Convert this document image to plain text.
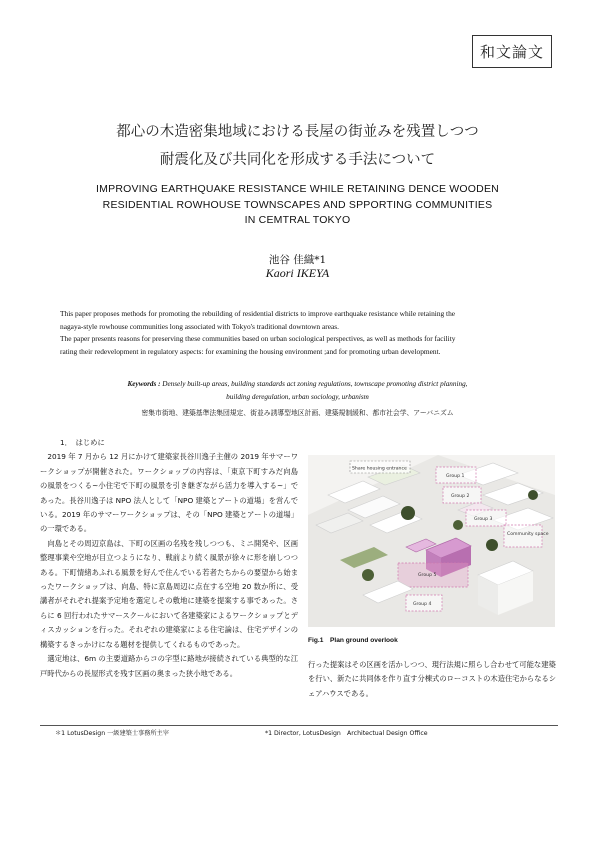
和文論文
都心の木造密集地域における長屋の街並みを残置しつつ
耐震化及び共同化を形成する手法について
IMPROVING EARTHQUAKE RESISTANCE WHILE RETAINING DENCE WOODEN
RESIDENTIAL ROWHOUSE TOWNSCAPES AND SPPORTING COMMUNITIES
IN CEMTRAL TOKYO
池谷 佳織*1
Kaori IKEYA

This paper proposes methods for promoting the rebuilding of residential districts to improve earthquake resistance while retaining the

nagaya-style rowhouse communities long associated with Tokyo's traditional downtown areas.

The paper presents reasons for preserving these communities based on urban sociological perspectives, as well as methods for facility

rating their redevelopment in regulatory aspects: for examining the housing environment ;and for promoting urban development.

Keywords : Densely built-up areas, building standards act zoning regulations, townscape promoting district planning,
building deregulation, urban sociology, urbanism
密集市街地、建築基準法集団規定、街並み誘導型地区計画、建築規制緩和、都市社会学、アーバニズム

1．　はじめに

　2019 年 7 月から 12 月にかけて建築家長谷川逸子主催の 2019 年サマーワークショップが開催された。ワークショップの内容は、「東京下町すみだ向島の風景をつくる~小住宅で下町の風景を引き継ぎながら活力を導入する~」であった。長谷川逸子は NPO 法人として「NPO 建築とアートの道場」を営んでいる。2019 年のサマーワークショップは、その「NPO 建築とアートの道場」の一環である。

　向島とその周辺京島は、下町の区画の名残を残しつつも、ミニ開発や、区画整理事業や空地が目立つようになり、戦前より続く風景が徐々に形を崩しつつある。下町情緒あふれる風景を好んで住んでいる若者たちからの要望から始まったワークショップは、向島、特に京島周辺に点在する空地 20 数か所に、受講者がそれぞれ提案予定地を選定しその敷地に建築を提案する事であった。さらに 6 回行われたサマースクールにおいて各建築家によるワークショップとディスカッションを行った。それぞれの建築家による住宅論は、住宅デザインの構築するきっかけになる題材を提供してくれるものであった。

　選定地は、6m の主要道路からコの字型に路地が接続されている典型的な江戸時代からの長屋形式を残す区画の奥まった狭小地である。

Share housing entrance
Group 1
Group 2
Group 3
Group 4
Community space
Group 5
Fig.1　Plan ground overlook

行った提案はその区画を活かしつつ、現行法規に照らし合わせて可能な建築を行い、新たに共同体を作り直す分棟式のローコストの木造住宅からなるシェアハウスである。

＊1 LotusDesign 一級建築士事務所主宰	*1 Director, LotusDesign　Architectual Design Office
